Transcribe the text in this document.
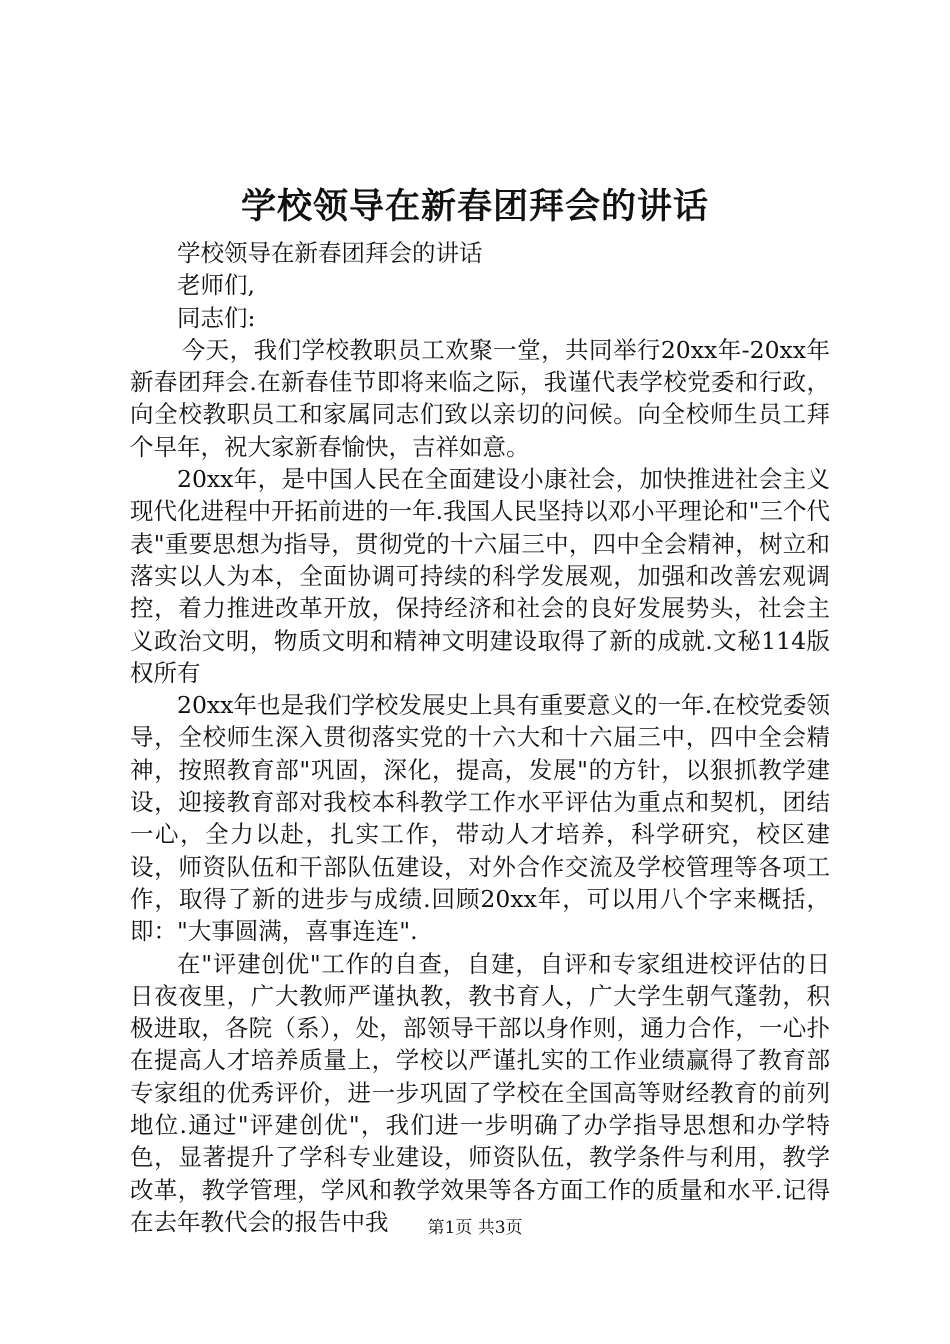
学校领导在新春团拜会的讲话

学校领导在新春团拜会的讲话

老师们,

同志们:

今天，我们学校教职员工欢聚一堂，共同举行20xx年-20xx年新春团拜会.在新春佳节即将来临之际，我谨代表学校党委和行政，向全校教职员工和家属同志们致以亲切的问候。向全校师生员工拜个早年，祝大家新春愉快，吉祥如意。

20xx年，是中国人民在全面建设小康社会，加快推进社会主义现代化进程中开拓前进的一年.我国人民坚持以邓小平理论和"三个代表"重要思想为指导，贯彻党的十六届三中，四中全会精神，树立和落实以人为本，全面协调可持续的科学发展观，加强和改善宏观调控，着力推进改革开放，保持经济和社会的良好发展势头，社会主义政治文明，物质文明和精神文明建设取得了新的成就.文秘114版权所有

20xx年也是我们学校发展史上具有重要意义的一年.在校党委领导，全校师生深入贯彻落实党的十六大和十六届三中，四中全会精神，按照教育部"巩固，深化，提高，发展"的方针，以狠抓教学建设，迎接教育部对我校本科教学工作水平评估为重点和契机，团结一心，全力以赴，扎实工作，带动人才培养，科学研究，校区建设，师资队伍和干部队伍建设，对外合作交流及学校管理等各项工作，取得了新的进步与成绩.回顾20xx年，可以用八个字来概括，即："大事圆满，喜事连连".

在"评建创优"工作的自查，自建，自评和专家组进校评估的日日夜夜里，广大教师严谨执教，教书育人，广大学生朝气蓬勃，积极进取，各院（系），处，部领导干部以身作则，通力合作，一心扑在提高人才培养质量上，学校以严谨扎实的工作业绩赢得了教育部专家组的优秀评价，进一步巩固了学校在全国高等财经教育的前列地位.通过"评建创优"，我们进一步明确了办学指导思想和办学特色，显著提升了学科专业建设，师资队伍，教学条件与利用，教学改革，教学管理，学风和教学效果等各方面工作的质量和水平.记得在去年教代会的报告中我	第1页 共3页
